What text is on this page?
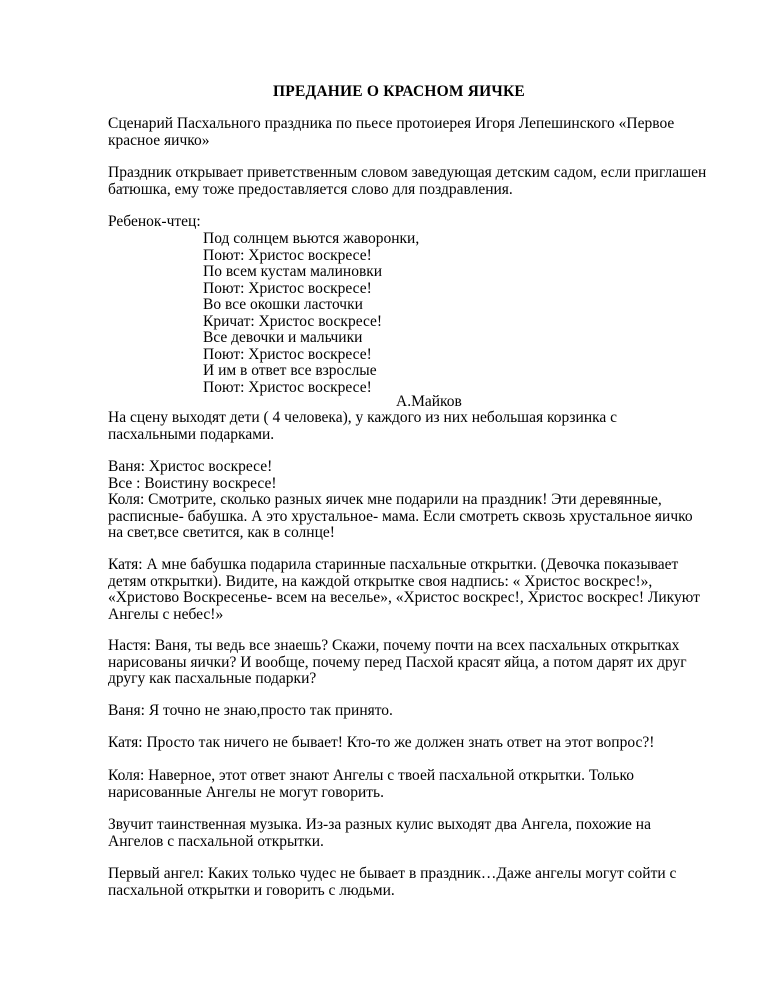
ПРЕДАНИЕ О КРАСНОМ ЯИЧКЕ

Сценарий Пасхального праздника по пьесе протоиерея Игоря Лепешинского «Первое
красное яичко»

Праздник открывает приветственным словом заведующая детским садом, если приглашен
батюшка, ему тоже предоставляется слово для поздравления.

Ребенок-чтец:

Под солнцем вьются жаворонки,
Поют: Христос воскресе!
По всем кустам малиновки
Поют: Христос воскресе!
Во все окошки ласточки
Кричат: Христос воскресе!
Все девочки и мальчики
Поют: Христос воскресе!
И им в ответ все взрослые
Поют: Христос воскресе!
А.Майков

На сцену выходят дети ( 4 человека), у каждого из них небольшая корзинка с
пасхальными подарками.

Ваня: Христос воскресе!
Все : Воистину воскресе!
Коля: Смотрите, сколько разных яичек мне подарили на праздник! Эти деревянные,
расписные- бабушка. А это хрустальное- мама. Если смотреть сквозь хрустальное яичко
на свет,все светится, как в солнце!

Катя: А мне бабушка подарила старинные пасхальные открытки. (Девочка показывает
детям открытки). Видите, на каждой открытке своя надпись: « Христос воскрес!»,
«Христово Воскресенье- всем на веселье», «Христос воскрес!, Христос воскрес! Ликуют
Ангелы с небес!»

Настя: Ваня, ты ведь все знаешь? Скажи, почему почти на всех пасхальных открытках
нарисованы яички? И вообще, почему перед Пасхой красят яйца, а потом дарят их друг
другу как пасхальные подарки?

Ваня: Я точно не знаю,просто так принято.

Катя: Просто так ничего не бывает! Кто-то же должен знать ответ на этот вопрос?!

Коля: Наверное, этот ответ знают Ангелы с твоей пасхальной открытки. Только
нарисованные Ангелы не могут говорить.

Звучит таинственная музыка. Из-за разных кулис выходят два Ангела, похожие на
Ангелов с пасхальной открытки.

Первый ангел: Каких только чудес не бывает в праздник…Даже ангелы могут сойти с
пасхальной открытки и говорить с людьми.
